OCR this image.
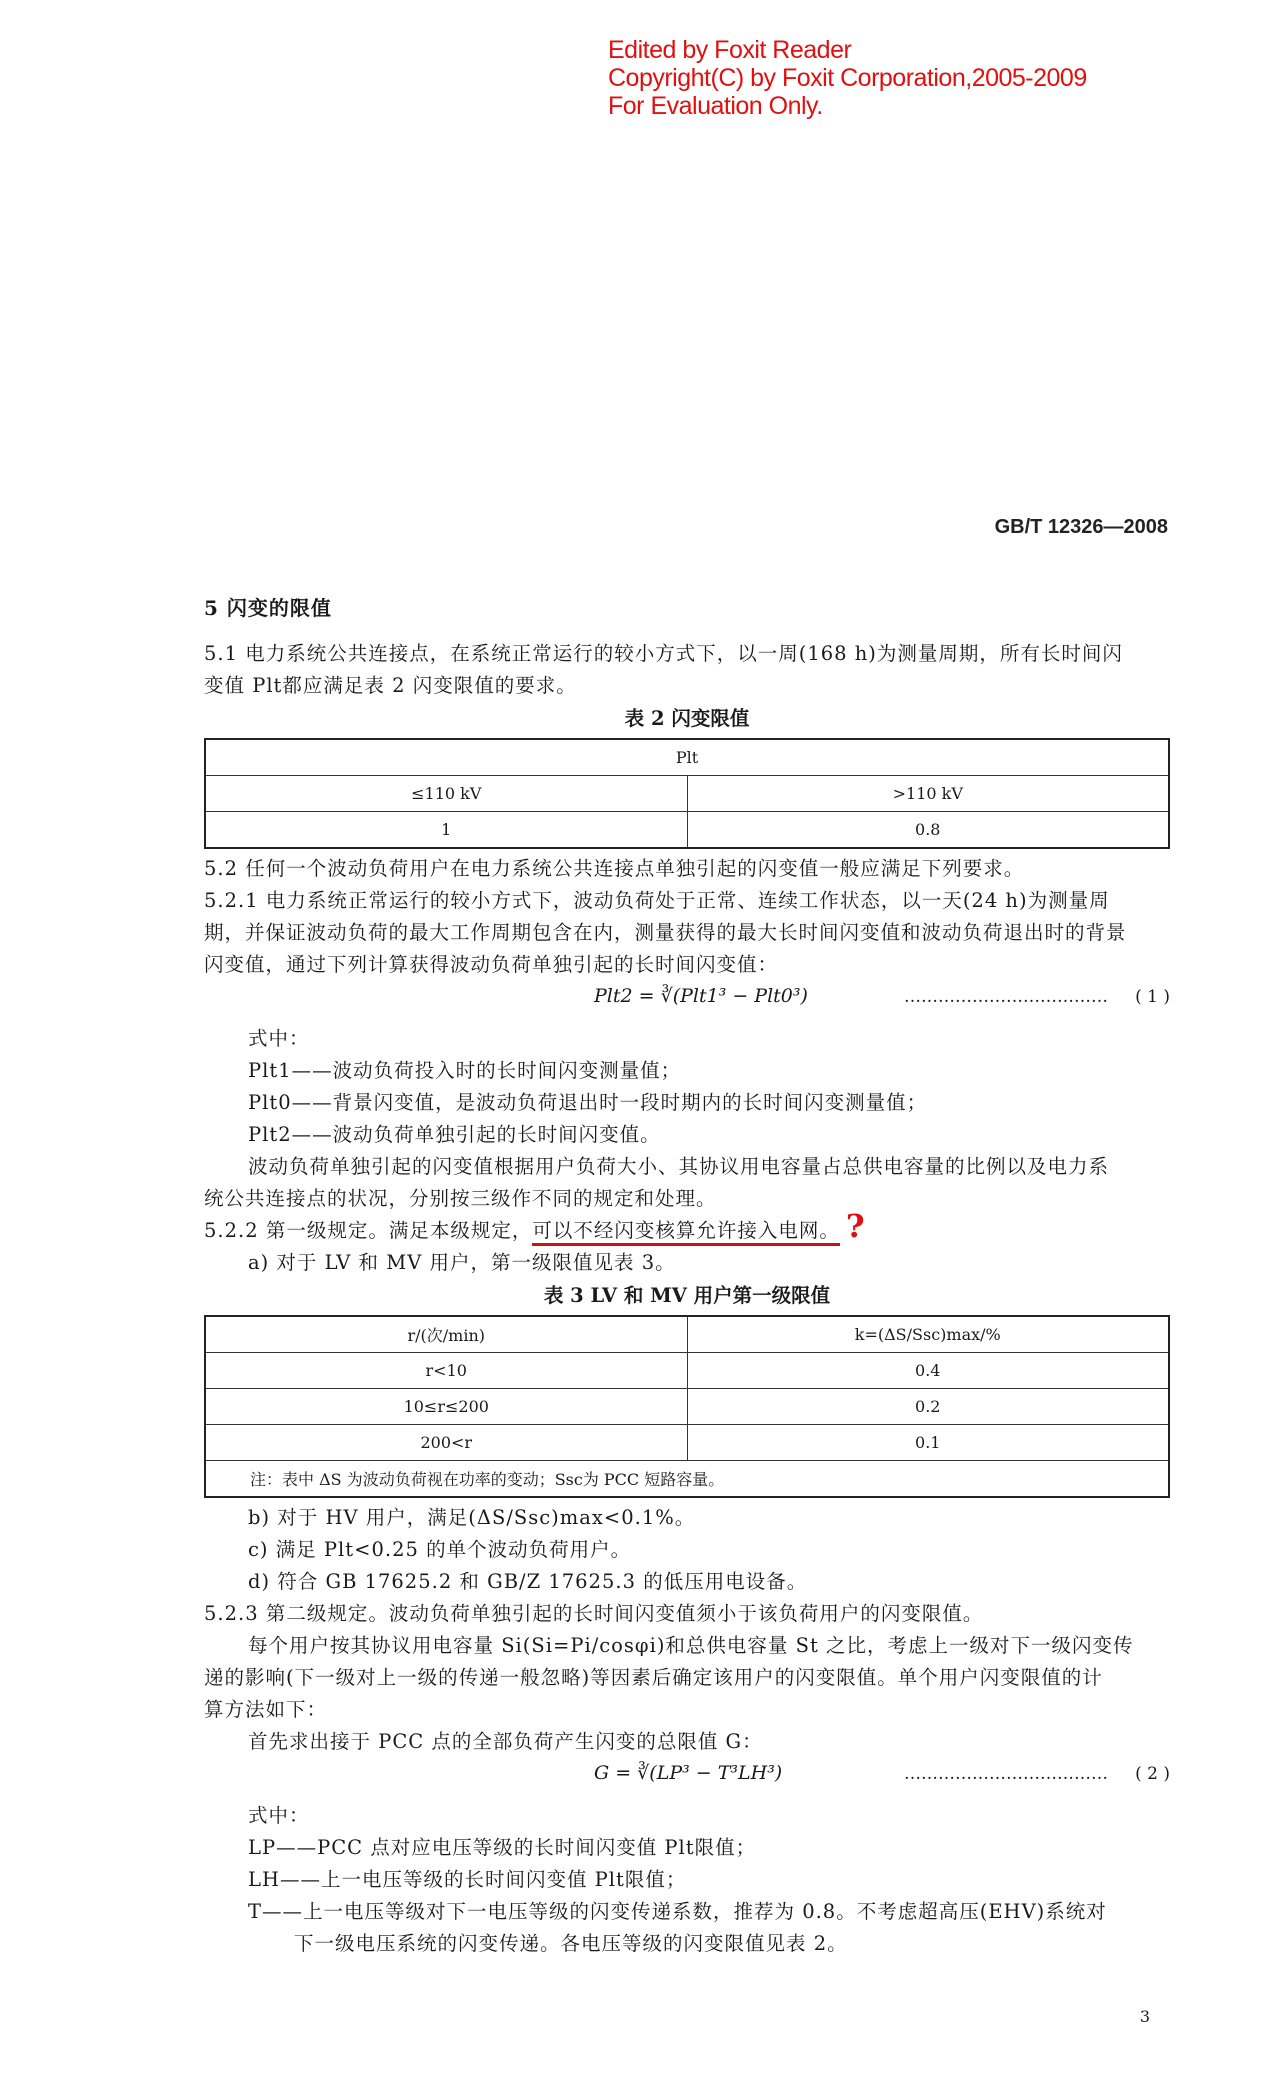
Edited by Foxit Reader
Copyright(C) by Foxit Corporation,2005-2009
For Evaluation Only.
GB/T 12326—2008
5 闪变的限值
5.1 电力系统公共连接点，在系统正常运行的较小方式下，以一周(168 h)为测量周期，所有长时间闪
变值 Plt都应满足表 2 闪变限值的要求。
表 2 闪变限值
Plt	
≤110 kV	>110 kV
1	0.8
5.2 任何一个波动负荷用户在电力系统公共连接点单独引起的闪变值一般应满足下列要求。
5.2.1 电力系统正常运行的较小方式下，波动负荷处于正常、连续工作状态，以一天(24 h)为测量周
期，并保证波动负荷的最大工作周期包含在内，测量获得的最大长时间闪变值和波动负荷退出时的背景
闪变值，通过下列计算获得波动负荷单独引起的长时间闪变值：
Plt2 = ∛(Plt1³ − Plt0³)	……………………………… ( 1 )
式中：
Plt1——波动负荷投入时的长时间闪变测量值；
Plt0——背景闪变值，是波动负荷退出时一段时期内的长时间闪变测量值；
Plt2——波动负荷单独引起的长时间闪变值。
波动负荷单独引起的闪变值根据用户负荷大小、其协议用电容量占总供电容量的比例以及电力系
统公共连接点的状况，分别按三级作不同的规定和处理。
5.2.2 第一级规定。满足本级规定，可以不经闪变核算允许接入电网。 ?
a) 对于 LV 和 MV 用户，第一级限值见表 3。
表 3 LV 和 MV 用户第一级限值
r/(次/min)	k=(ΔS/Ssc)max/%
r<10	0.4
10≤r≤200	0.2
200<r	0.1
注：表中 ΔS 为波动负荷视在功率的变动；Ssc为 PCC 短路容量。	
b) 对于 HV 用户，满足(ΔS/Ssc)max<0.1%。
c) 满足 Plt<0.25 的单个波动负荷用户。
d) 符合 GB 17625.2 和 GB/Z 17625.3 的低压用电设备。
5.2.3 第二级规定。波动负荷单独引起的长时间闪变值须小于该负荷用户的闪变限值。
每个用户按其协议用电容量 Si(Si=Pi/cosφi)和总供电容量 St 之比，考虑上一级对下一级闪变传
递的影响(下一级对上一级的传递一般忽略)等因素后确定该用户的闪变限值。单个用户闪变限值的计
算方法如下：
首先求出接于 PCC 点的全部负荷产生闪变的总限值 G：
G = ∛(LP³ − T³LH³)	……………………………… ( 2 )
式中：
LP——PCC 点对应电压等级的长时间闪变值 Plt限值；
LH——上一电压等级的长时间闪变值 Plt限值；
T——上一电压等级对下一电压等级的闪变传递系数，推荐为 0.8。不考虑超高压(EHV)系统对
下一级电压系统的闪变传递。各电压等级的闪变限值见表 2。
3
